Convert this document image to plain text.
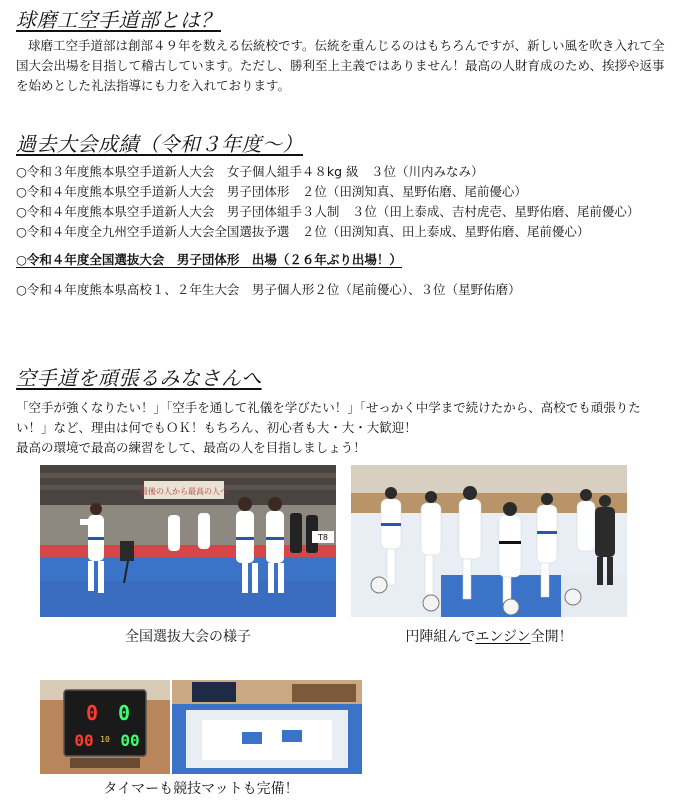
球磨工空手道部とは？

球磨工空手道部は創部４９年を数える伝統校です。伝統を重んじるのはもちろんですが、新しい風を吹き入れて全国大会出場を目指して稽古しています。ただし、勝利至上主義ではありません！最高の人財育成のため、挨拶や返事を始めとした礼法指導にも力を入れております。

過去大会成績（令和３年度〜）
○令和３年度熊本県空手道新人大会　女子個人組手４８kg 級　３位（川内みなみ）
○令和４年度熊本県空手道新人大会　男子団体形　２位（田渕知真、星野佑磨、尾前優心）
○令和４年度熊本県空手道新人大会　男子団体組手３人制　３位（田上泰成、吉村虎壱、星野佑磨、尾前優心）
○令和４年度全九州空手道新人大会全国選抜予選　２位（田渕知真、田上泰成、星野佑磨、尾前優心）
○令和４年度全国選抜大会　男子団体形　出場（２６年ぶり出場！）
○令和４年度熊本県高校１、２年生大会　男子個人形２位（尾前優心）、３位（星野佑磨）
空手道を頑張るみなさんへ
「空手が強くなりたい！」「空手を通して礼儀を学びたい！」「せっかく中学まで続けたから、高校でも頑張りたい！」など、理由は何でもＯＫ！もちろん、初心者も大・大・大歓迎！
最高の環境で最高の練習をして、最高の人を目指しましょう！
最後の人から最高の人へ
T8
全国選抜大会の様子	円陣組んでエンジン全開！
0 0
00 10 00
タイマーも競技マットも完備！
